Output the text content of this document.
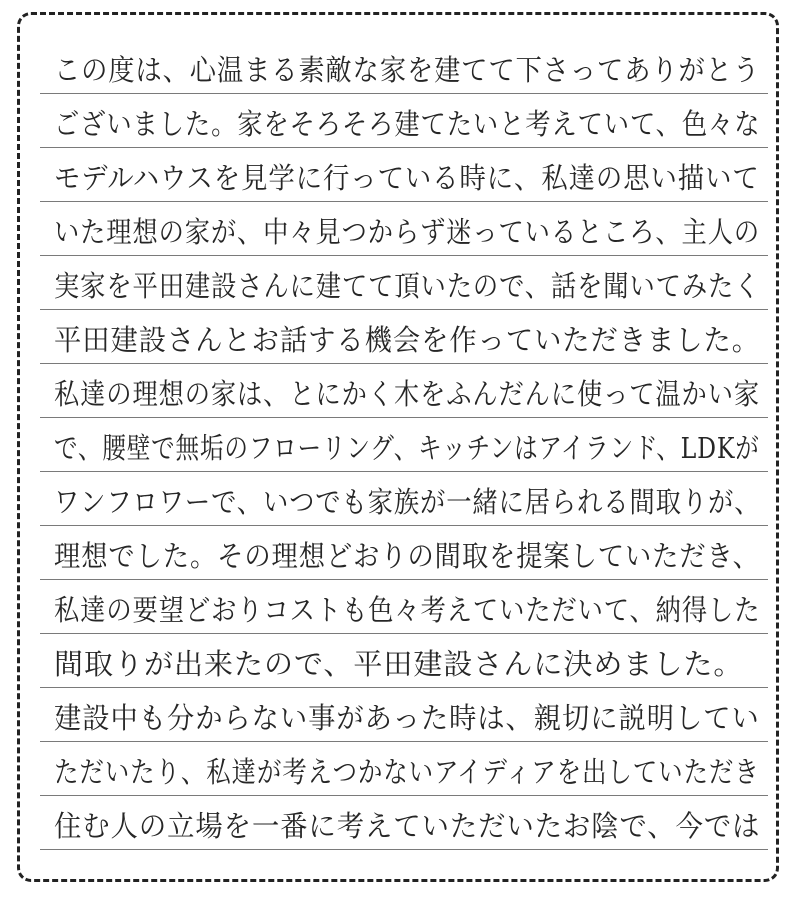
この度は、心温まる素敵な家を建てて下さってありがとう
ございました。家をそろそろ建てたいと考えていて、色々な
モデルハウスを見学に行っている時に、私達の思い描いて
いた理想の家が、中々見つからず迷っているところ、主人の
実家を平田建設さんに建てて頂いたので、話を聞いてみたく
平田建設さんとお話する機会を作っていただきました。
私達の理想の家は、とにかく木をふんだんに使って温かい家
で、腰壁で無垢のフローリング、キッチンはアイランド、LDKが
ワンフロワーで、いつでも家族が一緒に居られる間取りが、
理想でした。その理想どおりの間取を提案していただき、
私達の要望どおりコストも色々考えていただいて、納得した
間取りが出来たので、平田建設さんに決めました。
建設中も分からない事があった時は、親切に説明してい
ただいたり、私達が考えつかないアイディアを出していただき
住む人の立場を一番に考えていただいたお陰で、今では
